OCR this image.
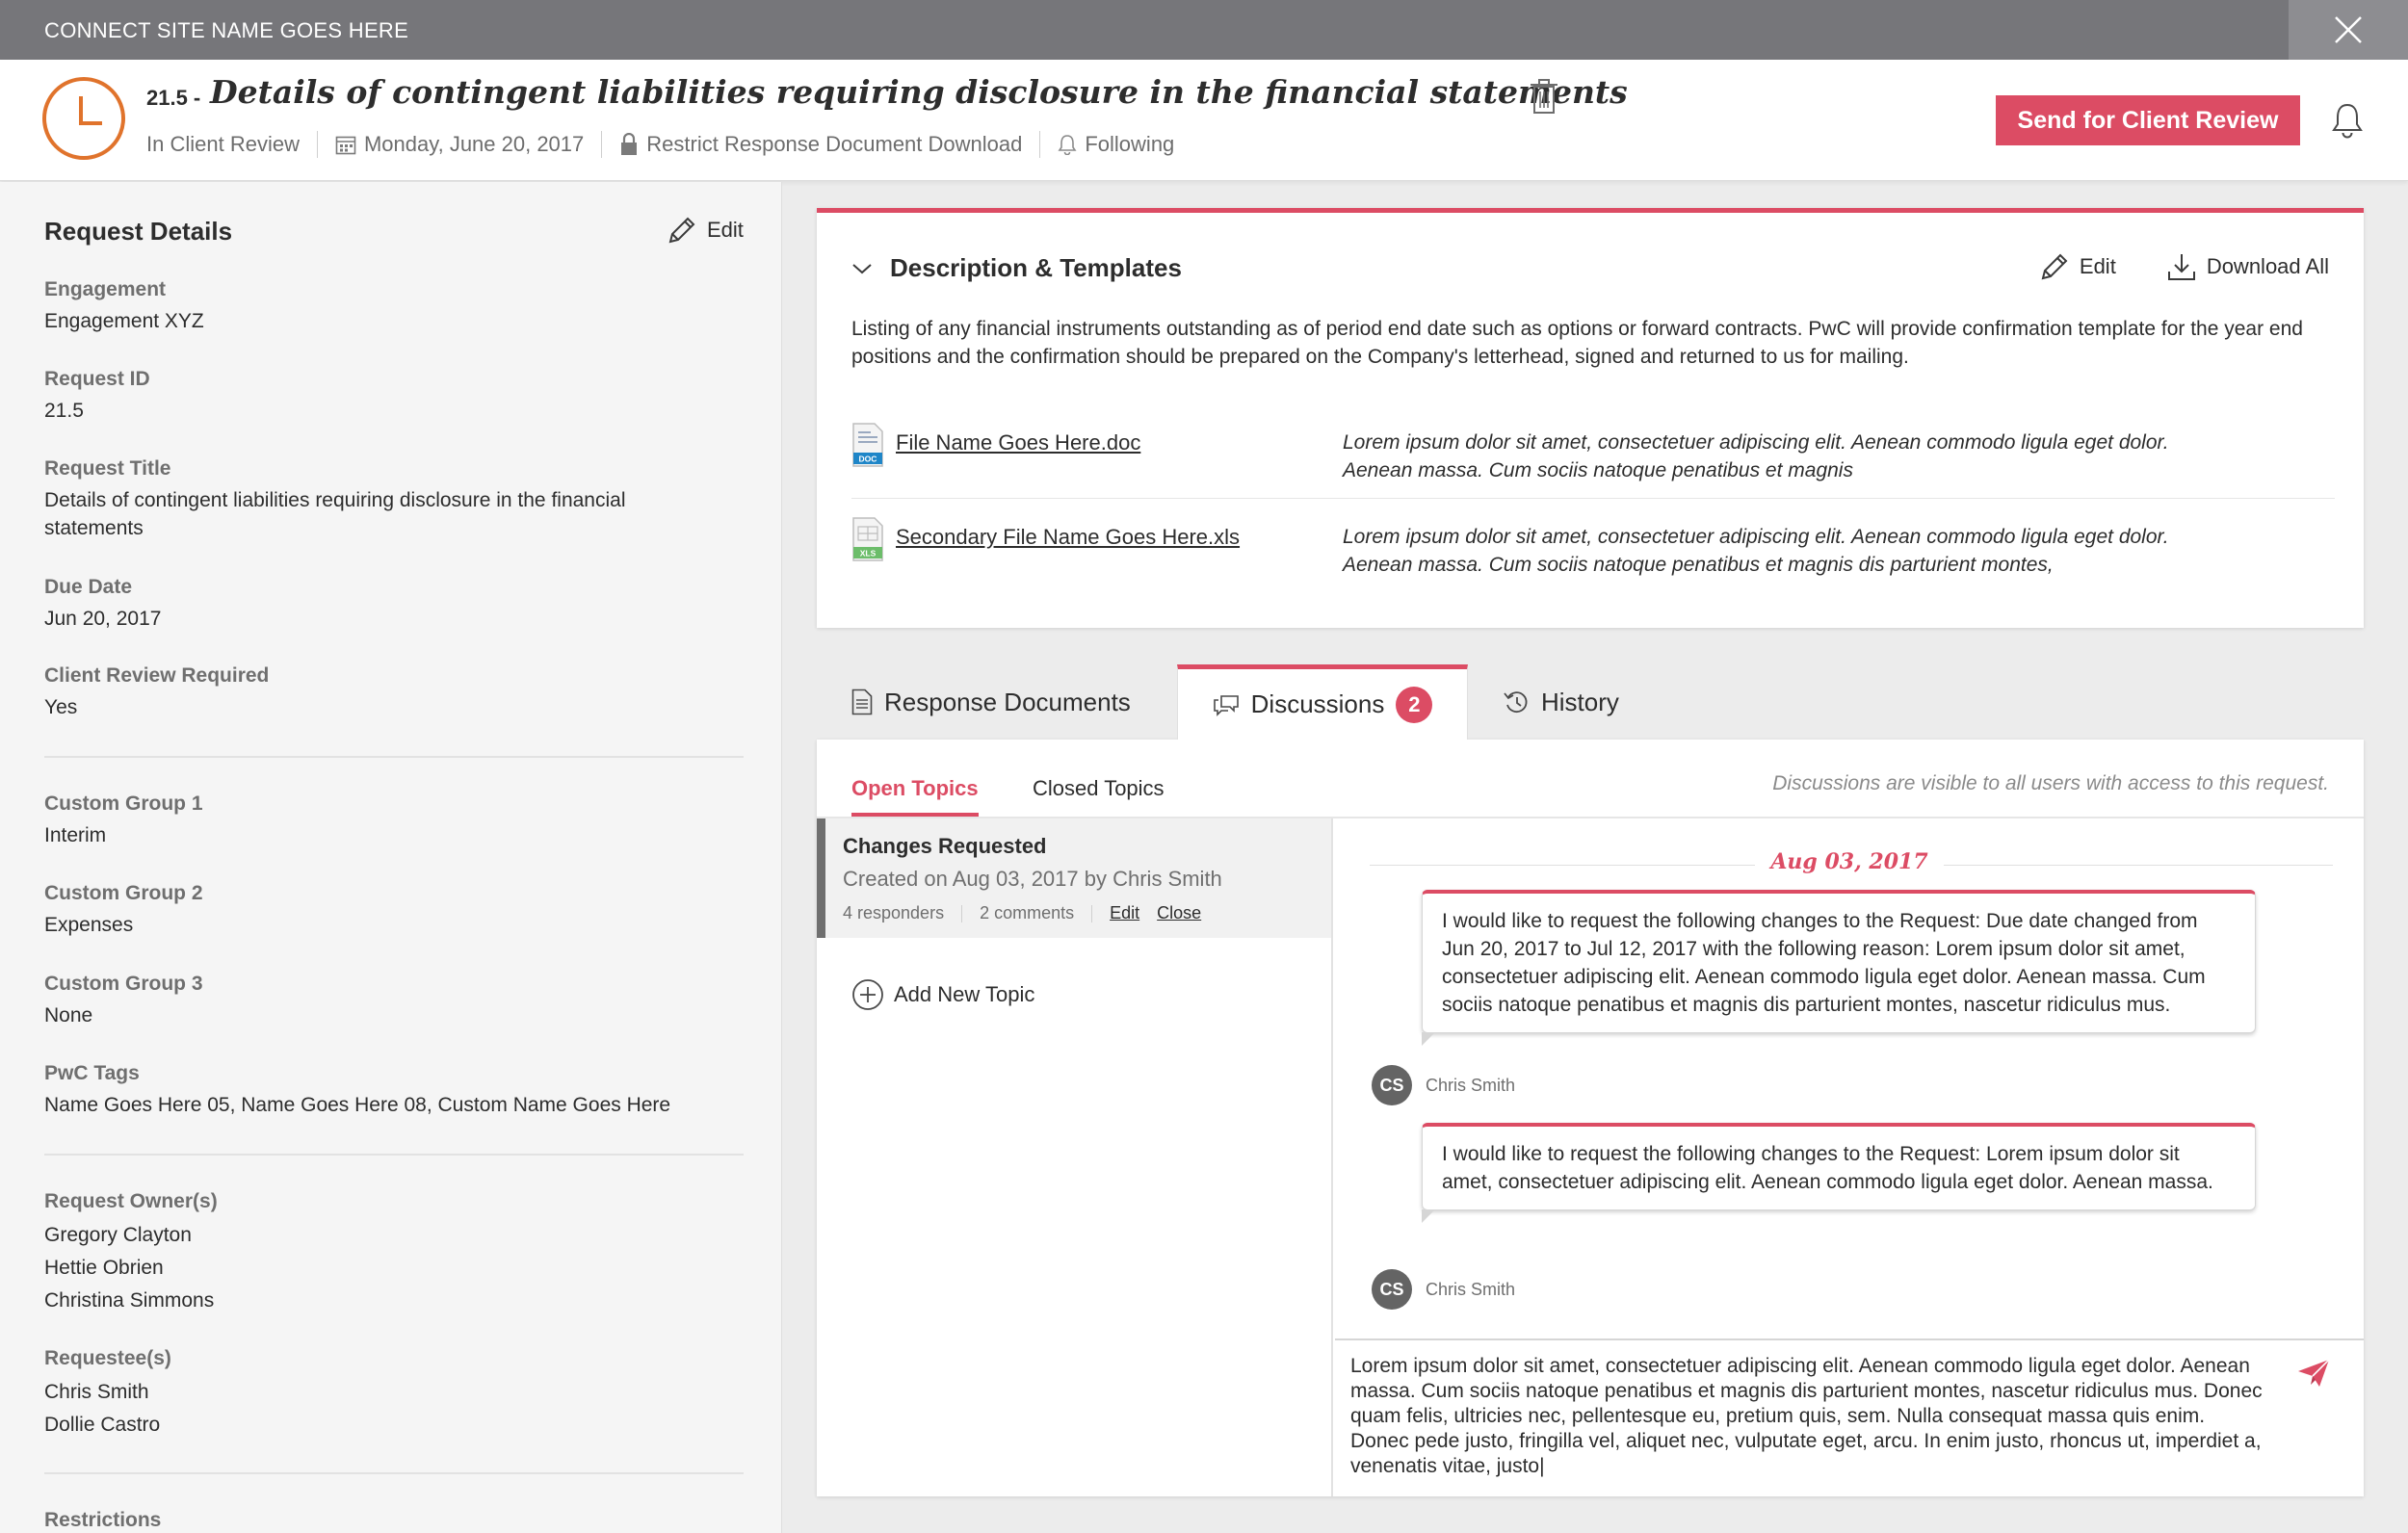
CONNECT SITE NAME GOES HERE
21.5 - Details of contingent liabilities requiring disclosure in the financial statements
In Client Review	Monday, June 20, 2017	Restrict Response Document Download	Following
Send for Client Review
Request Details	Edit
Engagement
Engagement XYZ
Request ID
21.5
Request Title
Details of contingent liabilities requiring disclosure in the financial statements
Due Date
Jun 20, 2017
Client Review Required
Yes
Custom Group 1
Interim
Custom Group 2
Expenses
Custom Group 3
None
PwC Tags
Name Goes Here 05, Name Goes Here 08, Custom Name Goes Here
Request Owner(s)
Gregory Clayton
Hettie Obrien
Christina Simmons
Requestee(s)
Chris Smith
Dollie Castro
Restrictions
Description & Templates	Edit	Download All
Listing of any financial instruments outstanding as of period end date such as options or forward contracts. PwC will provide confirmation template for the year end positions and the confirmation should be prepared on the Company's letterhead, signed and returned to us for mailing.
DOC
File Name Goes Here.doc	Lorem ipsum dolor sit amet, consectetuer adipiscing elit. Aenean commodo ligula eget dolor. Aenean massa. Cum sociis natoque penatibus et magnis
XLS
Secondary File Name Goes Here.xls	Lorem ipsum dolor sit amet, consectetuer adipiscing elit. Aenean commodo ligula eget dolor. Aenean massa. Cum sociis natoque penatibus et magnis dis parturient montes,
Response Documents	Discussions	2	History
Open Topics	Closed Topics	Discussions are visible to all users with access to this request.
Changes Requested
Created on Aug 03, 2017 by Chris Smith
4 responders 2 comments Edit Close
Add New Topic
Aug 03, 2017
I would like to request the following changes to the Request: Due date changed from Jun 20, 2017 to Jul 12, 2017 with the following reason: Lorem ipsum dolor sit amet, consectetuer adipiscing elit. Aenean commodo ligula eget dolor. Aenean massa. Cum sociis natoque penatibus et magnis dis parturient montes, nascetur ridiculus mus.
CS	Chris Smith
I would like to request the following changes to the Request: Lorem ipsum dolor sit amet, consectetuer adipiscing elit. Aenean commodo ligula eget dolor. Aenean massa.
CS	Chris Smith
Lorem ipsum dolor sit amet, consectetuer adipiscing elit. Aenean commodo ligula eget dolor. Aenean massa. Cum sociis natoque penatibus et magnis dis parturient montes, nascetur ridiculus mus. Donec quam felis, ultricies nec, pellentesque eu, pretium quis, sem. Nulla consequat massa quis enim. Donec pede justo, fringilla vel, aliquet nec, vulputate eget, arcu. In enim justo, rhoncus ut, imperdiet a, venenatis vitae, justo|
